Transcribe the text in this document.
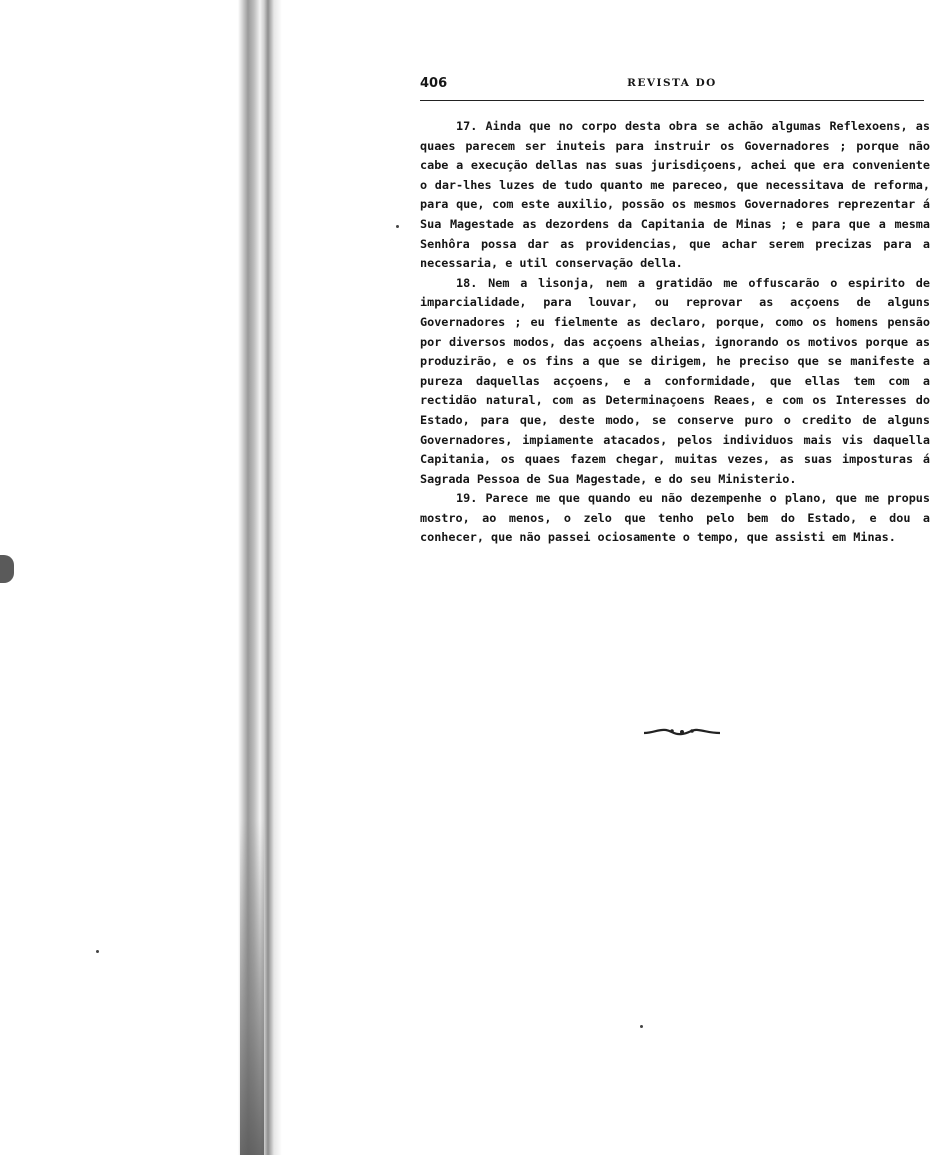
406	REVISTA DO

17. Ainda que no corpo desta obra se achão algumas Reflexoens, as quaes parecem ser inuteis para instruir os Governadores ; porque não cabe a execução dellas nas suas jurisdiçoens, achei que era conveniente o dar-lhes luzes de tudo quanto me pareceo, que necessitava de reforma, para que, com este auxilio, possão os mesmos Governadores reprezentar á Sua Magestade as dezordens da Capitania de Minas ; e para que a mesma Senhôra possa dar as providencias, que achar serem precizas para a necessaria, e util conservação della.

18. Nem a lisonja, nem a gratidão me offuscarão o espirito de imparcialidade, para louvar, ou reprovar as acçoens de alguns Governadores ; eu fielmente as declaro, porque, como os homens pensão por diversos modos, das acçoens alheias, ignorando os motivos porque as produzirão, e os fins a que se dirigem, he preciso que se manifeste a pureza daquellas acçoens, e a conformidade, que ellas tem com a rectidão natural, com as Determinaçoens Reaes, e com os Interesses do Estado, para que, deste modo, se conserve puro o credito de alguns Governadores, impiamente atacados, pelos individuos mais vis daquella Capitania, os quaes fazem chegar, muitas vezes, as suas imposturas á Sagrada Pessoa de Sua Magestade, e do seu Ministerio.

19. Parece me que quando eu não dezempenhe o plano, que me propus mostro, ao menos, o zelo que tenho pelo bem do Estado, e dou a conhecer, que não passei ociosamente o tempo, que assisti em Minas.
